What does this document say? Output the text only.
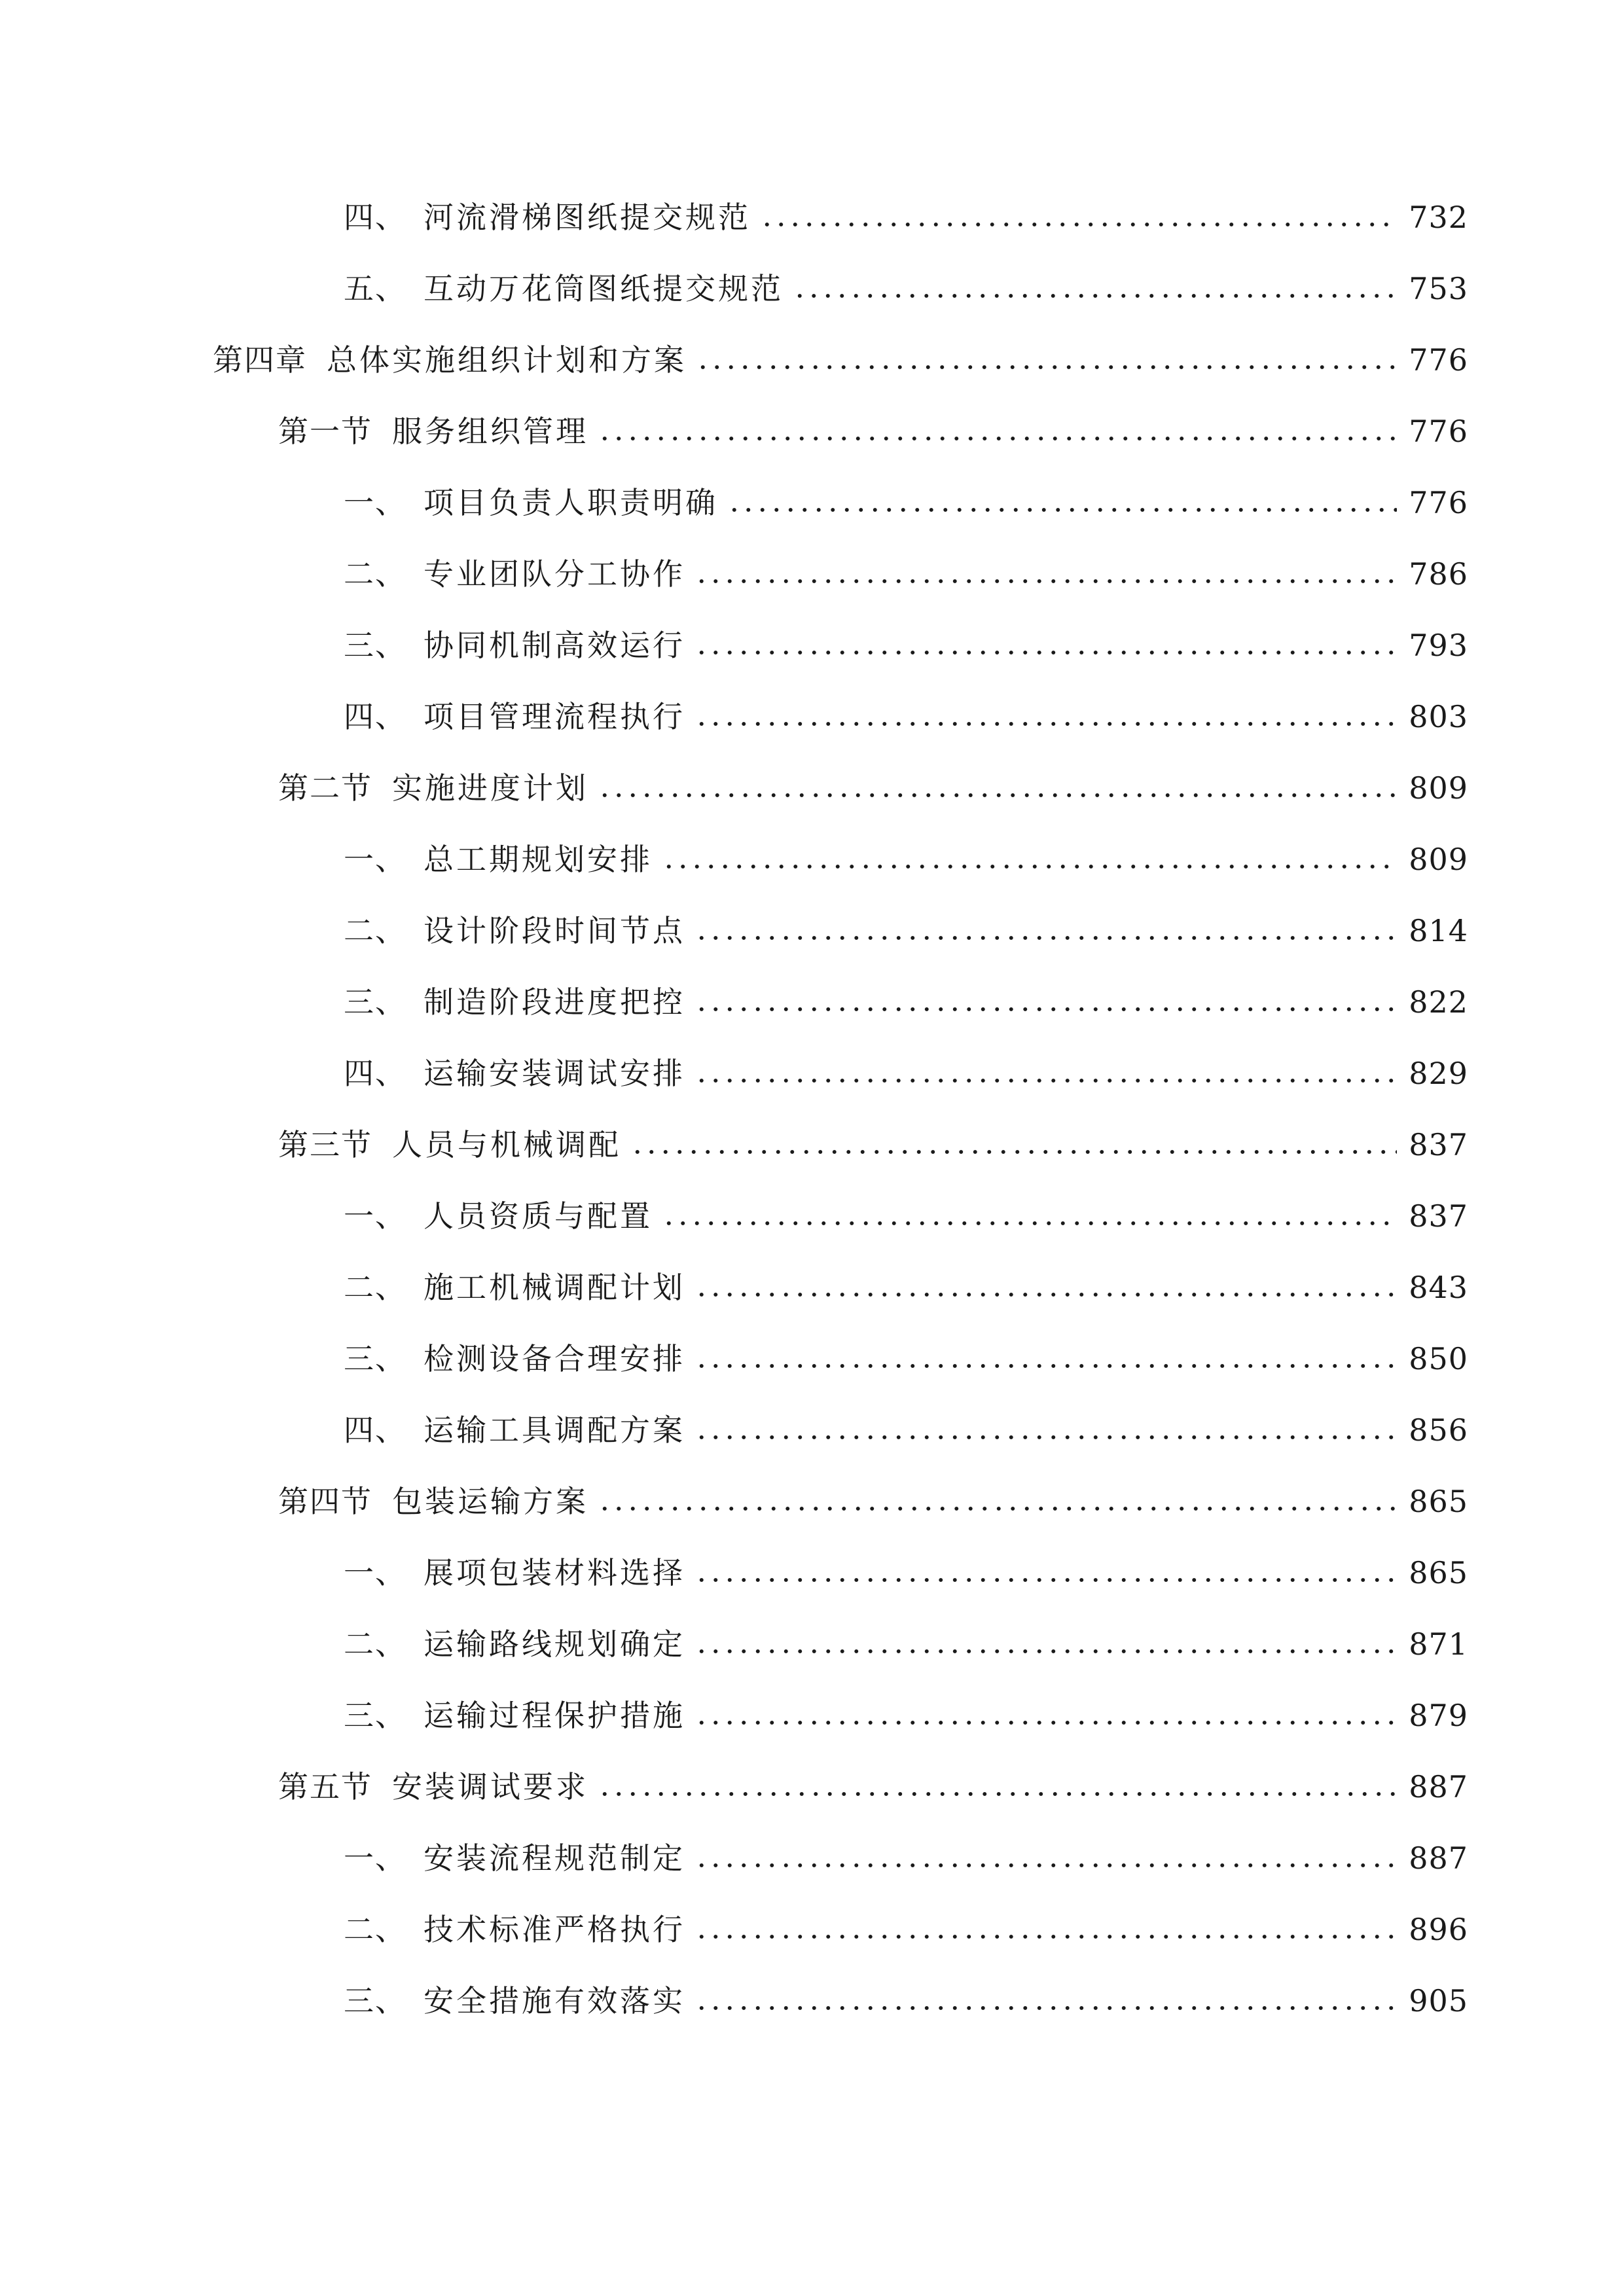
四、 河流滑梯图纸提交规范	732
五、 互动万花筒图纸提交规范	753
第四章 总体实施组织计划和方案	776
第一节 服务组织管理	776
一、 项目负责人职责明确	776
二、 专业团队分工协作	786
三、 协同机制高效运行	793
四、 项目管理流程执行	803
第二节 实施进度计划	809
一、 总工期规划安排	809
二、 设计阶段时间节点	814
三、 制造阶段进度把控	822
四、 运输安装调试安排	829
第三节 人员与机械调配	837
一、 人员资质与配置	837
二、 施工机械调配计划	843
三、 检测设备合理安排	850
四、 运输工具调配方案	856
第四节 包装运输方案	865
一、 展项包装材料选择	865
二、 运输路线规划确定	871
三、 运输过程保护措施	879
第五节 安装调试要求	887
一、 安装流程规范制定	887
二、 技术标准严格执行	896
三、 安全措施有效落实	905
